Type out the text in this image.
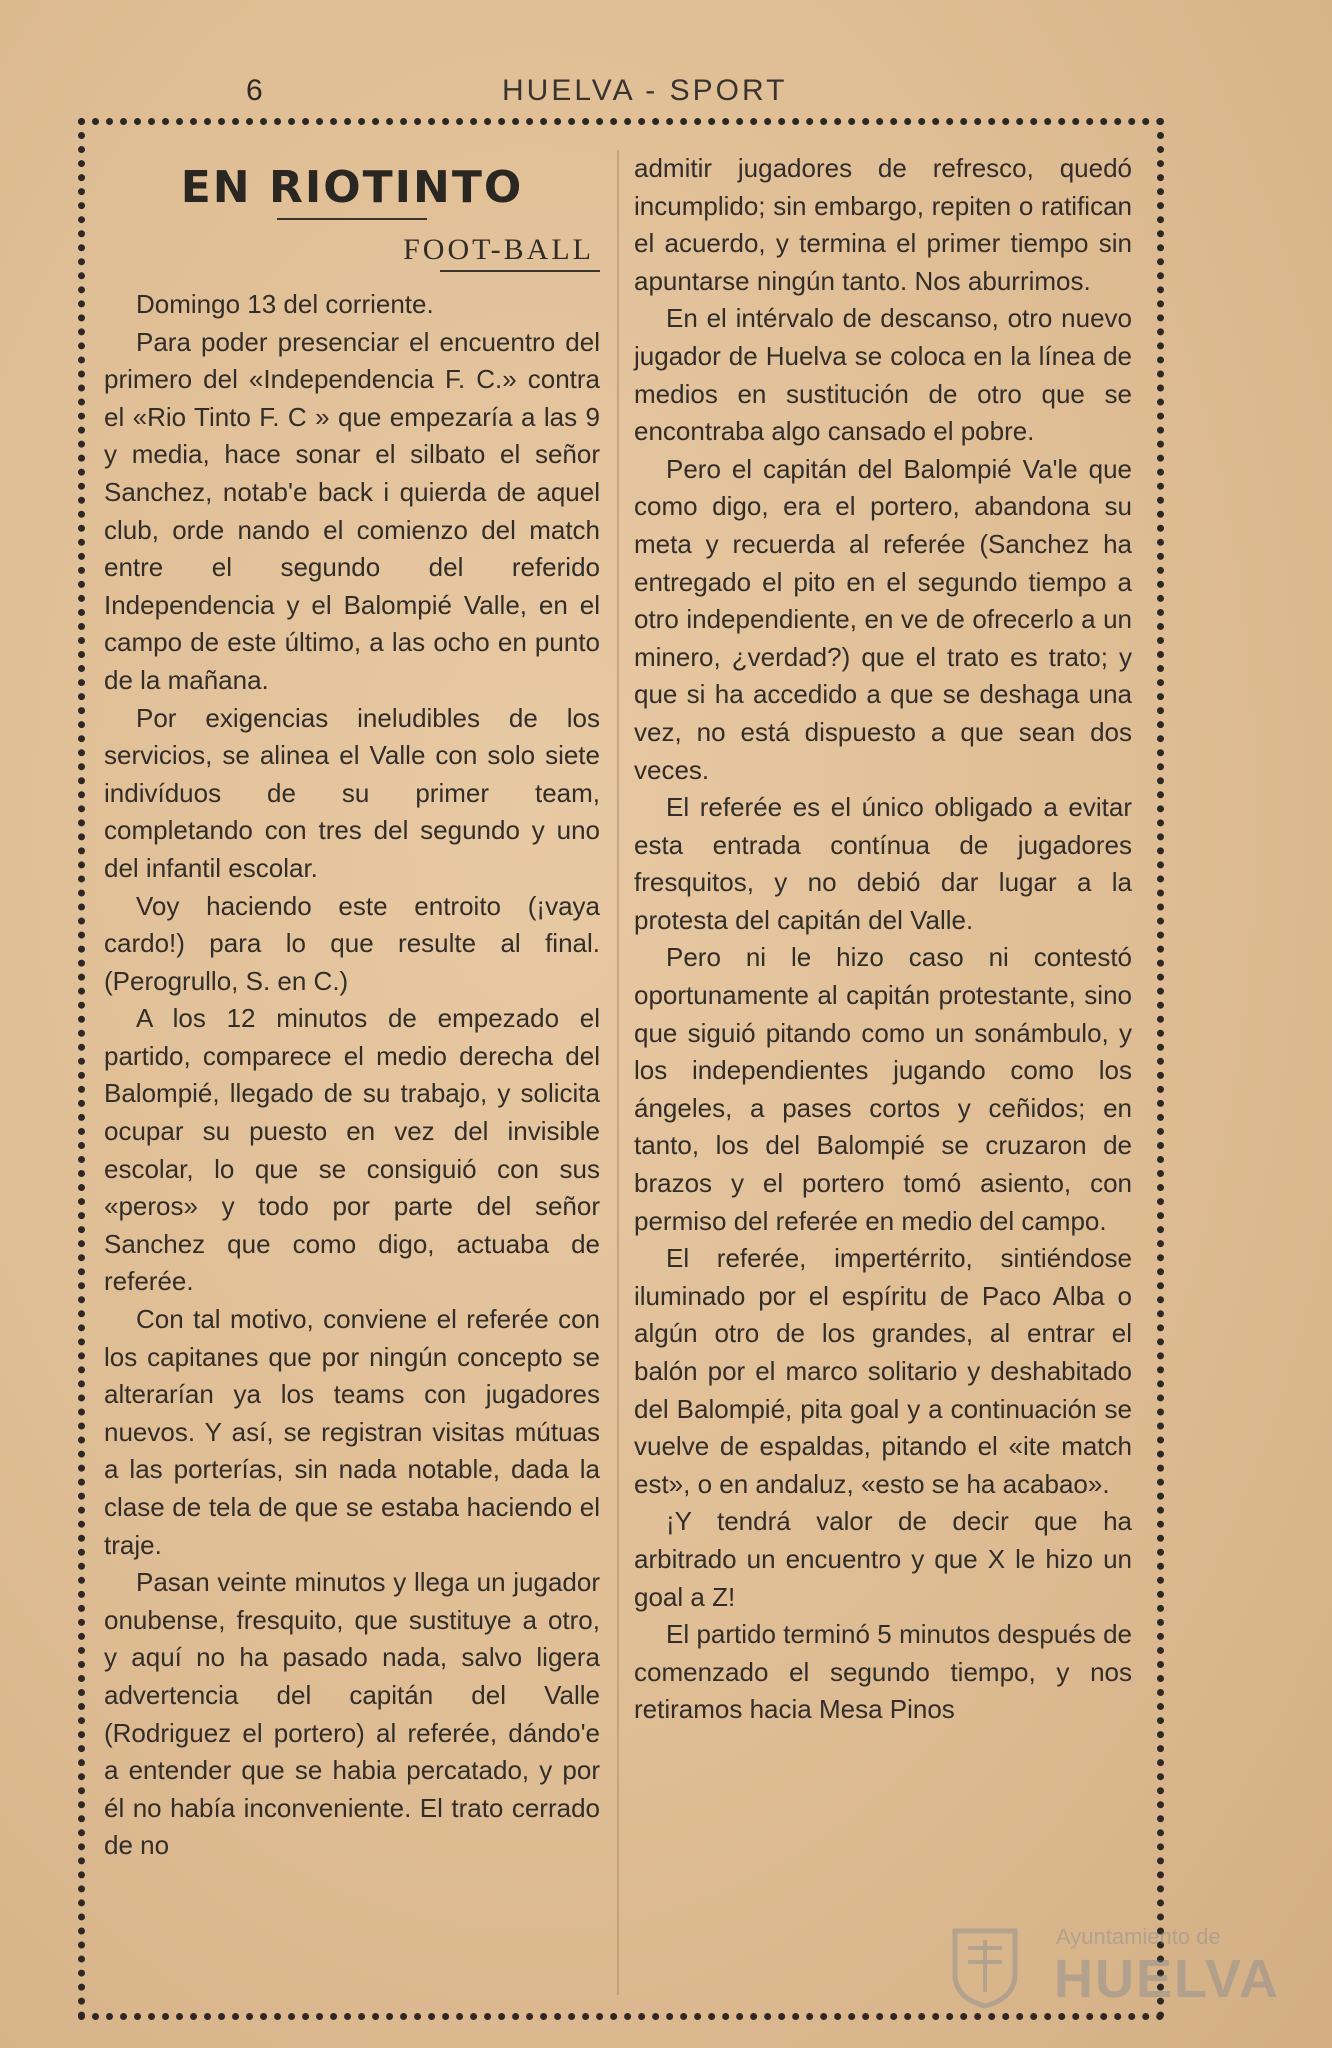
6	HUELVA - SPORT
EN RIOTINTO
FOOT-BALL

Domingo 13 del corriente.

Para poder presenciar el encuentro del primero del «Independencia F. C.» contra el «Rio Tinto F. C » que empezaría a las 9 y media, hace sonar el silbato el señor Sanchez, notab'e back i quierda de aquel club, orde nando el comienzo del match entre el segundo del referido Independencia y el Balompié Valle, en el campo de este último, a las ocho en punto de la mañana.

Por exigencias ineludibles de los servicios, se alinea el Valle con solo siete indivíduos de su primer team, completando con tres del segundo y uno del infantil escolar.

Voy haciendo este entroito (¡vaya cardo!) para lo que resulte al final. (Perogrullo, S. en C.)

A los 12 minutos de empezado el partido, comparece el medio derecha del Balompié, llegado de su trabajo, y solicita ocupar su puesto en vez del invisible escolar, lo que se consiguió con sus «peros» y todo por parte del señor Sanchez que como digo, actuaba de referée.

Con tal motivo, conviene el referée con los capitanes que por ningún concepto se alterarían ya los teams con jugadores nuevos. Y así, se registran visitas mútuas a las porterías, sin nada notable, dada la clase de tela de que se estaba haciendo el traje.

Pasan veinte minutos y llega un jugador onubense, fresquito, que sustituye a otro, y aquí no ha pasado nada, salvo ligera advertencia del capitán del Valle (Rodriguez el portero) al referée, dándo'e a entender que se habia percatado, y por él no había inconveniente. El trato cerrado de no

admitir jugadores de refresco, quedó incumplido; sin embargo, repiten o ratifican el acuerdo, y termina el primer tiempo sin apuntarse ningún tanto. Nos aburrimos.

En el intérvalo de descanso, otro nuevo jugador de Huelva se coloca en la línea de medios en sustitución de otro que se encontraba algo cansado el pobre.

Pero el capitán del Balompié Va'le que como digo, era el portero, abandona su meta y recuerda al referée (Sanchez ha entregado el pito en el segundo tiempo a otro independiente, en ve de ofrecerlo a un minero, ¿verdad?) que el trato es trato; y que si ha accedido a que se deshaga una vez, no está dispuesto a que sean dos veces.

El referée es el único obligado a evitar esta entrada contínua de jugadores fresquitos, y no debió dar lugar a la protesta del capitán del Valle.

Pero ni le hizo caso ni contestó oportunamente al capitán protestante, sino que siguió pitando como un sonámbulo, y los independientes jugando como los ángeles, a pases cortos y ceñidos; en tanto, los del Balompié se cruzaron de brazos y el portero tomó asiento, con permiso del referée en medio del campo.

El referée, impertérrito, sintiéndose iluminado por el espíritu de Paco Alba o algún otro de los grandes, al entrar el balón por el marco solitario y deshabitado del Balompié, pita goal y a continuación se vuelve de espaldas, pitando el «ite match est», o en andaluz, «esto se ha acabao».

¡Y tendrá valor de decir que ha arbitrado un encuentro y que X le hizo un goal a Z!

El partido terminó 5 minutos después de comenzado el segundo tiempo, y nos retiramos hacia Mesa Pinos

Ayuntamiento de
HUELVA
